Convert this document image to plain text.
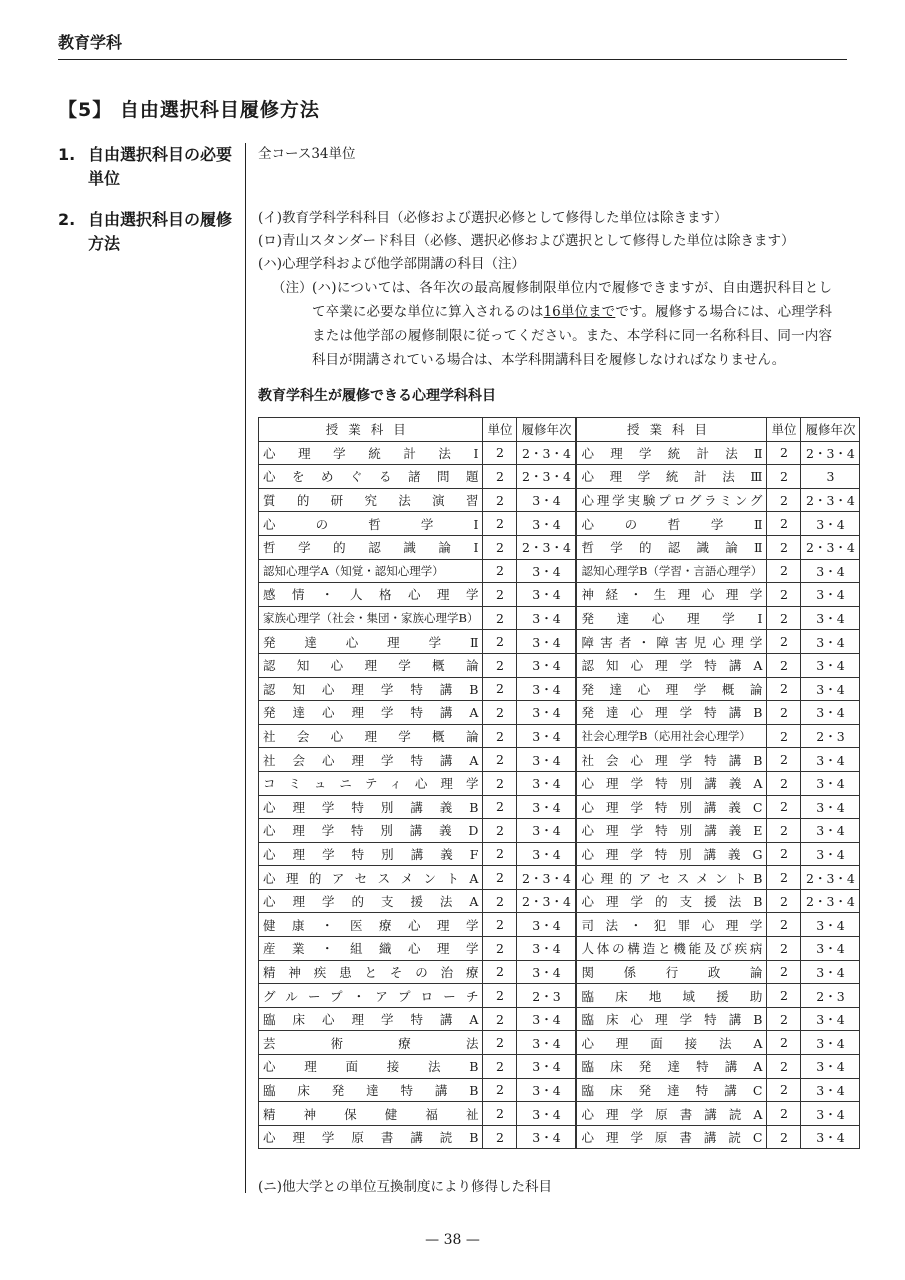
教育学科
【5】 自由選択科目履修方法
1. 自由選択科目の必要
単位
全コース34単位
2. 自由選択科目の履修
方法
(イ) 教育学科学科科目（必修および選択必修として修得した単位は除きます）
(ロ) 青山スタンダード科目（必修、選択必修および選択として修得した単位は除きます）
(ハ) 心理学科および他学部開講の科目（注）
（注） (ハ)については、各年次の最高履修制限単位内で履修できますが、自由選択科目として卒業に必要な単位に算入されるのは16単位までです。履修する場合には、心理学科または他学部の履修制限に従ってください。また、本学科に同一名称科目、同一内容科目が開講されている場合は、本学科開講科目を履修しなければなりません。
教育学科生が履修できる心理学科科目
授業科目	単位	履修年次	授業科目	単位	履修年次
心理学統計法Ⅰ	2	2・3・4	心理学統計法Ⅱ	2	2・3・4
心をめぐる諸問題	2	2・3・4	心理学統計法Ⅲ	2	3
質的研究法演習	2	3・4	心理学実験プログラミング	2	2・3・4
心の哲学Ⅰ	2	3・4	心の哲学Ⅱ	2	3・4
哲学的認識論Ⅰ	2	2・3・4	哲学的認識論Ⅱ	2	2・3・4
認知心理学A（知覚・認知心理学）	2	3・4	認知心理学B（学習・言語心理学）	2	3・4
感情・人格心理学	2	3・4	神経・生理心理学	2	3・4
家族心理学（社会・集団・家族心理学B）	2	3・4	発達心理学Ⅰ	2	3・4
発達心理学Ⅱ	2	3・4	障害者・障害児心理学	2	3・4
認知心理学概論	2	3・4	認知心理学特講A	2	3・4
認知心理学特講B	2	3・4	発達心理学概論	2	3・4
発達心理学特講A	2	3・4	発達心理学特講B	2	3・4
社会心理学概論	2	3・4	社会心理学B（応用社会心理学）	2	2・3
社会心理学特講A	2	3・4	社会心理学特講B	2	3・4
コミュニティ心理学	2	3・4	心理学特別講義A	2	3・4
心理学特別講義B	2	3・4	心理学特別講義C	2	3・4
心理学特別講義D	2	3・4	心理学特別講義E	2	3・4
心理学特別講義F	2	3・4	心理学特別講義G	2	3・4
心理的アセスメントA	2	2・3・4	心理的アセスメントB	2	2・3・4
心理学的支援法A	2	2・3・4	心理学的支援法B	2	2・3・4
健康・医療心理学	2	3・4	司法・犯罪心理学	2	3・4
産業・組織心理学	2	3・4	人体の構造と機能及び疾病	2	3・4
精神疾患とその治療	2	3・4	関係行政論	2	3・4
グループ・アプローチ	2	2・3	臨床地域援助	2	2・3
臨床心理学特講A	2	3・4	臨床心理学特講B	2	3・4
芸術療法	2	3・4	心理面接法A	2	3・4
心理面接法B	2	3・4	臨床発達特講A	2	3・4
臨床発達特講B	2	3・4	臨床発達特講C	2	3・4
精神保健福祉	2	3・4	心理学原書講読A	2	3・4
心理学原書講読B	2	3・4	心理学原書講読C	2	3・4
(ニ) 他大学との単位互換制度により修得した科目
— 38 —
